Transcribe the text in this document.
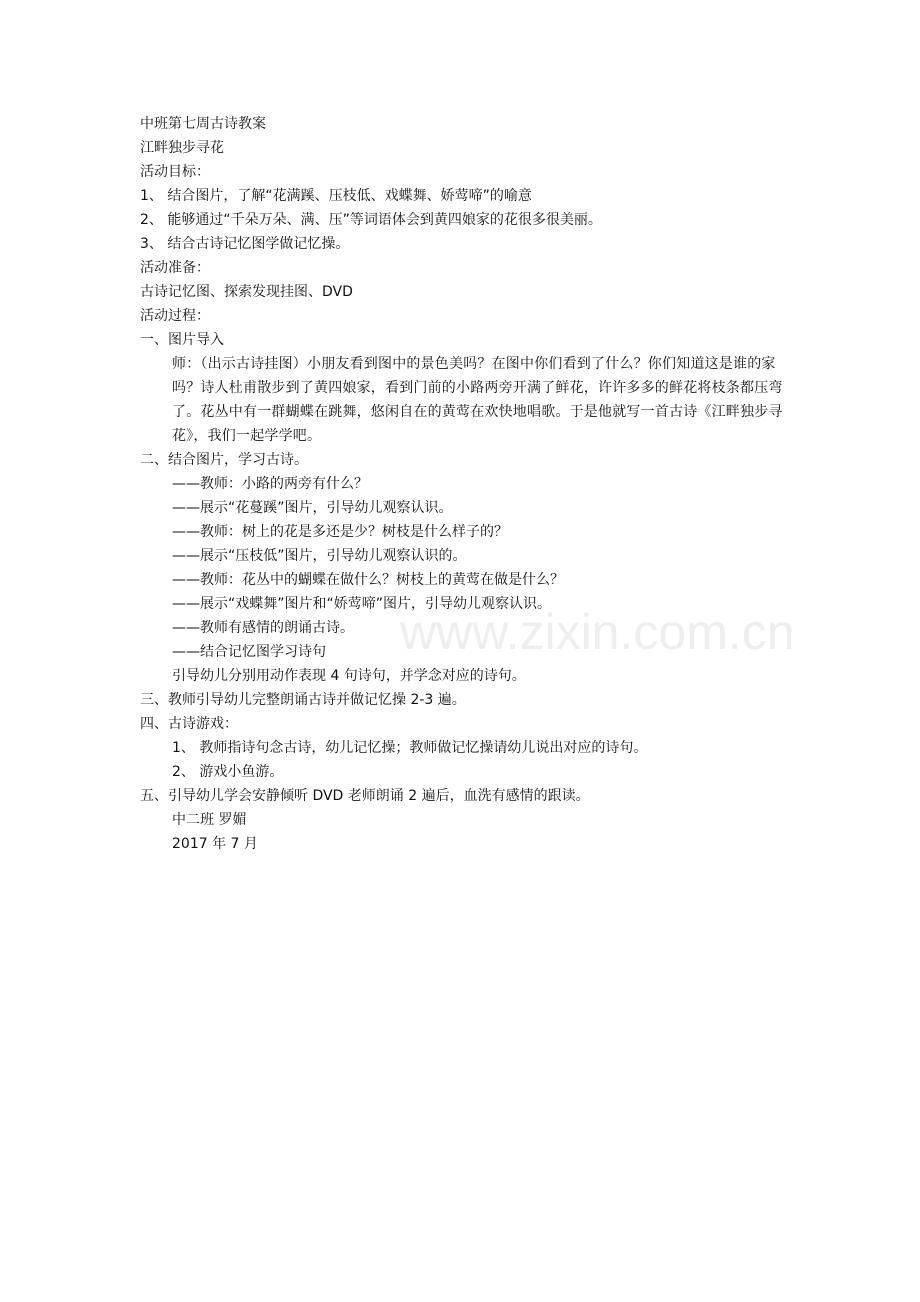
中班第七周古诗教案
江畔独步寻花
活动目标：
1、 结合图片，了解“花满蹊、压枝低、戏蝶舞、娇莺啼”的喻意
2、 能够通过“千朵万朵、满、压”等词语体会到黄四娘家的花很多很美丽。
3、 结合古诗记忆图学做记忆操。
活动准备：
古诗记忆图、探索发现挂图、DVD
活动过程：
一、图片导入
师：（出示古诗挂图）小朋友看到图中的景色美吗？在图中你们看到了什么？你们知道这是谁的家吗？诗人杜甫散步到了黄四娘家，看到门前的小路两旁开满了鲜花，许许多多的鲜花将枝条都压弯了。花丛中有一群蝴蝶在跳舞，悠闲自在的黄莺在欢快地唱歌。于是他就写一首古诗《江畔独步寻花》，我们一起学学吧。
二、结合图片，学习古诗。
——教师：小路的两旁有什么？
——展示“花蔓蹊”图片，引导幼儿观察认识。
——教师：树上的花是多还是少？树枝是什么样子的？
——展示“压枝低”图片，引导幼儿观察认识的。
——教师：花丛中的蝴蝶在做什么？树枝上的黄莺在做是什么？
——展示“戏蝶舞”图片和“娇莺啼”图片，引导幼儿观察认识。
——教师有感情的朗诵古诗。
——结合记忆图学习诗句
引导幼儿分别用动作表现 4 句诗句，并学念对应的诗句。
三、教师引导幼儿完整朗诵古诗并做记忆操 2-3 遍。
四、古诗游戏：
1、 教师指诗句念古诗，幼儿记忆操；教师做记忆操请幼儿说出对应的诗句。
2、 游戏小鱼游。
五、引导幼儿学会安静倾听 DVD 老师朗诵 2 遍后，血洗有感情的跟读。
中二班 罗媚
2017 年 7 月
www.zixin.com.cn
